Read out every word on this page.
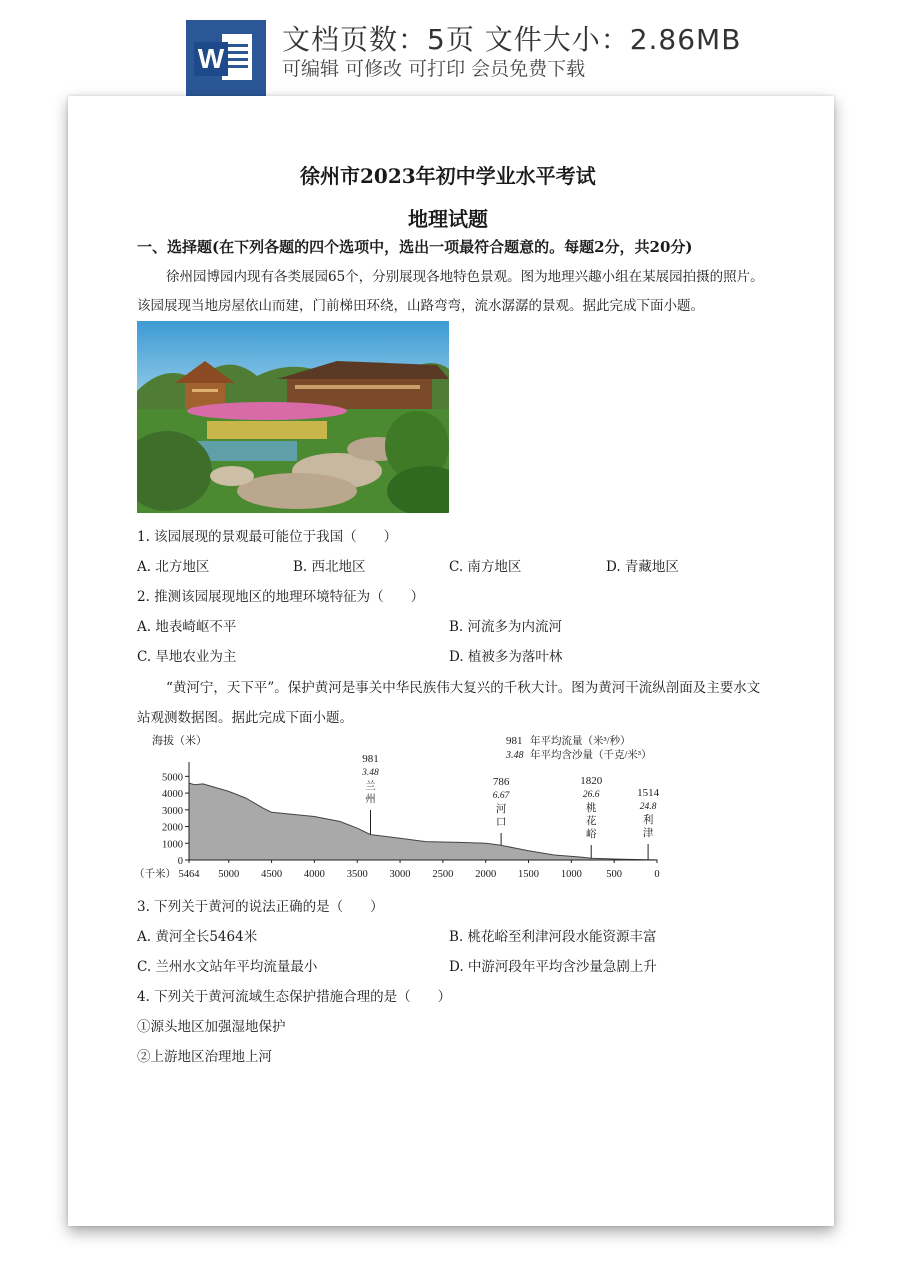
W
文档页数：5页 文件大小：2.86MB
可编辑 可修改 可打印 会员免费下载
徐州市2023年初中学业水平考试
地理试题
一、选择题(在下列各题的四个选项中，选出一项最符合题意的。每题2分，共20分)
徐州园博园内现有各类展园65个，分别展现各地特色景观。图为地理兴趣小组在某展园拍摄的照片。
该园展现当地房屋依山而建，门前梯田环绕，山路弯弯，流水潺潺的景观。据此完成下面小题。
1. 该园展现的景观最可能位于我国（　　）
A. 北方地区	B. 西北地区	C. 南方地区	D. 青藏地区
2. 推测该园展现地区的地理环境特征为（　　）
A. 地表崎岖不平	B. 河流多为内流河
C. 旱地农业为主	D. 植被多为落叶林
“黄河宁，天下平”。保护黄河是事关中华民族伟大复兴的千秋大计。图为黄河干流纵剖面及主要水文
站观测数据图。据此完成下面小题。
5000
4000
3000
2000
1000
0
5464 5000 4500 4000 3500 3000 2500 2000 1500 1000 500	0
（千米）
海拔（米）	981 年平均流量（米³/秒）
3.48 年平均含沙量（千克/米³）
981
3.48
兰
州
786
6.67
河
口
1820
26.6
桃
花
峪
1514
24.8
利
津
3. 下列关于黄河的说法正确的是（　　）
A. 黄河全长5464米	B. 桃花峪至利津河段水能资源丰富
C. 兰州水文站年平均流量最小	D. 中游河段年平均含沙量急剧上升
4. 下列关于黄河流域生态保护措施合理的是（　　）
①源头地区加强湿地保护
②上游地区治理地上河
